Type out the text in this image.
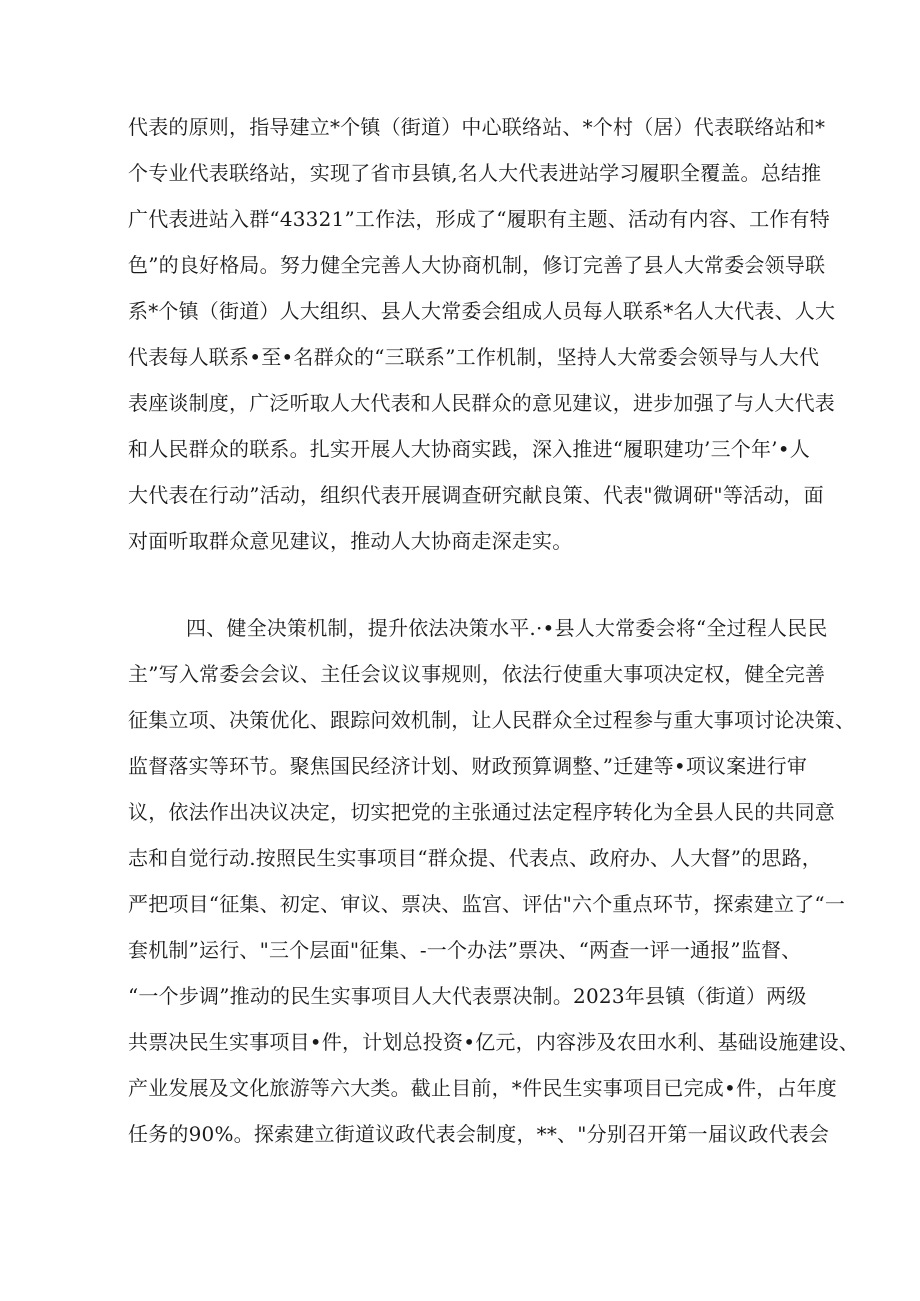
代表的原则，指导建立*个镇（街道）中心联络站、*个村（居）代表联络站和*
个专业代表联络站，实现了省市县镇,名人大代表进站学习履职全覆盖。总结推
广代表进站入群“43321”工作法，形成了“履职有主题、活动有内容、工作有特
色”的良好格局。努力健全完善人大协商机制，修订完善了县人大常委会领导联
系*个镇（街道）人大组织、县人大常委会组成人员每人联系*名人大代表、人大
代表每人联系•至•名群众的“三联系”工作机制，坚持人大常委会领导与人大代
表座谈制度，广泛听取人大代表和人民群众的意见建议，进步加强了与人大代表
和人民群众的联系。扎实开展人大协商实践，深入推进“履职建功’三个年’•人
大代表在行动”活动，组织代表开展调查研究献良策、代表"微调研"等活动，面
对面听取群众意见建议，推动人大协商走深走实。
四、健全决策机制，提升依法决策水平.·•县人大常委会将“全过程人民民
主”写入常委会会议、主任会议议事规则，依法行使重大事项决定权，健全完善
征集立项、决策优化、跟踪问效机制，让人民群众全过程参与重大事项讨论决策、
监督落实等环节。聚焦国民经济计划、财政预算调整、”迁建等•项议案进行审
议，依法作出决议决定，切实把党的主张通过法定程序转化为全县人民的共同意
志和自觉行动.按照民生实事项目“群众提、代表点、政府办、人大督”的思路，
严把项目“征集、初定、审议、票决、监宫、评估"六个重点环节，探索建立了“一
套机制”运行、"三个层面"征集、-一个办法”票决、“两查一评一通报”监督、
“一个步调”推动的民生实事项目人大代表票决制。2023年县镇（街道）两级
共票决民生实事项目•件，计划总投资•亿元，内容涉及农田水利、基础设施建设、
产业发展及文化旅游等六大类。截止目前，*件民生实事项目已完成•件，占年度
任务的90%。探索建立街道议政代表会制度，**、"分别召开第一届议政代表会
